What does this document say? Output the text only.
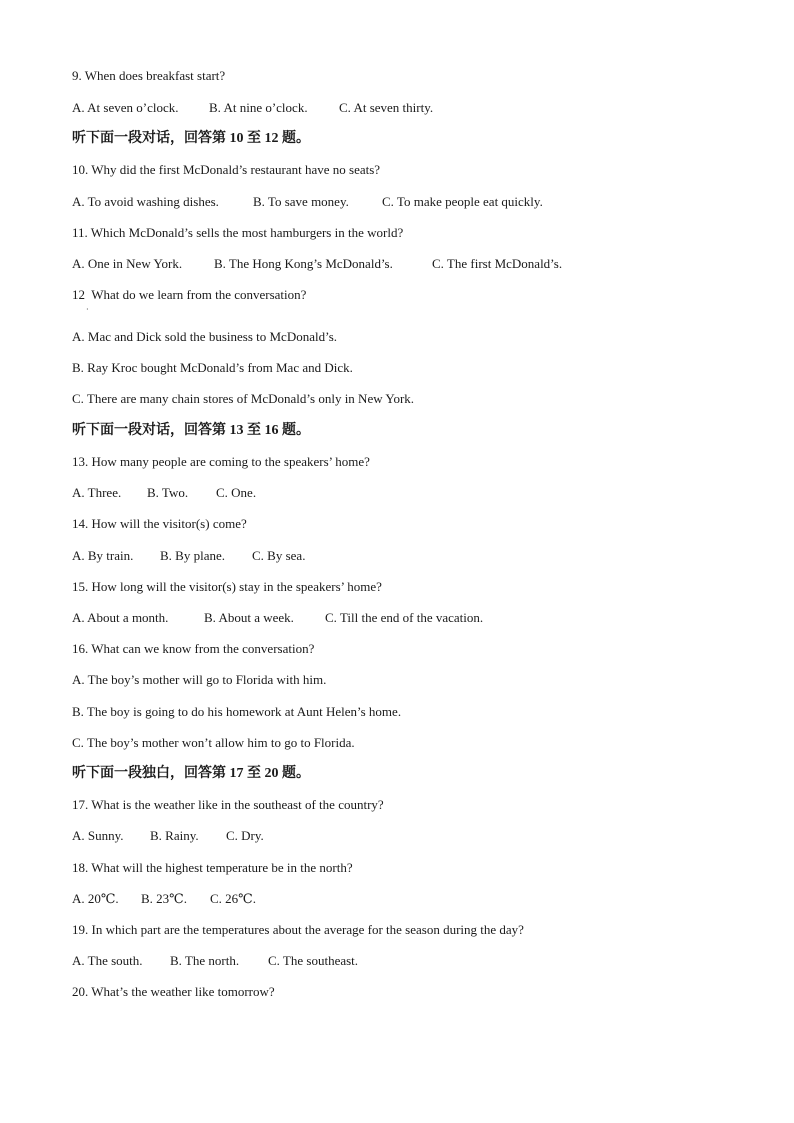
9. When does breakfast start?
A. At seven o’clock. B. At nine o’clock. C. At seven thirty.
听下面一段对话，回答第 10 至 12 题。
10. Why did the first McDonald’s restaurant have no seats?
A. To avoid washing dishes.	B. To save money.	C. To make people eat quickly.
11. Which McDonald’s sells the most hamburgers in the world?
A. One in New York. B. The Hong Kong’s McDonald’s.	C. The first McDonald’s.
12  What do we learn from the conversation?
A. Mac and Dick sold the business to McDonald’s.
B. Ray Kroc bought McDonald’s from Mac and Dick.
C. There are many chain stores of McDonald’s only in New York.
听下面一段对话，回答第 13 至 16 题。
13. How many people are coming to the speakers’ home?
A. Three. B. Two. C. One.
14. How will the visitor(s) come?
A. By train. B. By plane. C. By sea.
15. How long will the visitor(s) stay in the speakers’ home?
A. About a month.	B. About a week. C. Till the end of the vacation.
16. What can we know from the conversation?
A. The boy’s mother will go to Florida with him.
B. The boy is going to do his homework at Aunt Helen’s home.
C. The boy’s mother won’t allow him to go to Florida.
听下面一段独白，回答第 17 至 20 题。
17. What is the weather like in the southeast of the country?
A. Sunny. B. Rainy. C. Dry.
18. What will the highest temperature be in the north?
A. 20℃. B. 23℃. C. 26℃.
19. In which part are the temperatures about the average for the season during the day?
A. The south. B. The north. C. The southeast.
20. What’s the weather like tomorrow?
·
